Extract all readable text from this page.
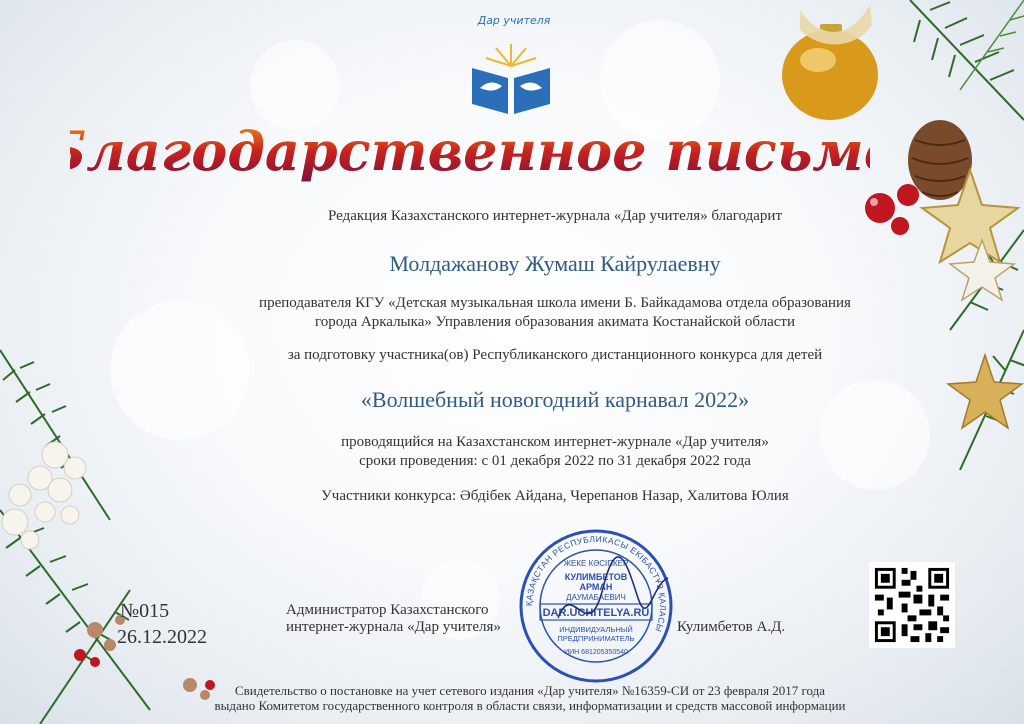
Дар учителя
Благодарственное письмо
Редакция Казахстанского интернет-журнала «Дар учителя» благодарит
Молдажанову Жумаш Кайрулаевну
преподавателя КГУ «Детская музыкальная школа имени Б. Байкадамова отдела образования
города Аркалыка» Управления образования акимата Костанайской области
за подготовку участника(ов) Республиканского дистанционного конкурса для детей
«Волшебный новогодний карнавал 2022»
проводящийся на Казахстанском интернет-журнале «Дар учителя»
сроки проведения: с 01 декабря 2022 по 31 декабря 2022 года
Участники конкурса: Әбдібек Айдана, Черепанов Назар, Халитова Юлия
№015
26.12.2022
Администратор Казахстанского
интернет-журнала «Дар учителя»	Кулимбетов А.Д.
ҚАЗАҚСТАН РЕСПУБЛИКАСЫ ЕКІБАСТҰЗ ҚАЛАСЫ
ЖЕКЕ КӘСІПКЕР
КУЛИМБЕТОВ
АРМАН
ДАУМАБАЕВИЧ
DAR.UCHITELYA.RU
ИНДИВИДУАЛЬНЫЙ
ПРЕДПРИНИМАТЕЛЬ
ИИН 681205350540
Свидетельство о постановке на учет сетевого издания «Дар учителя» №16359-СИ от 23 февраля 2017 года
выдано Комитетом государственного контроля в области связи, информатизации и средств массовой информации
